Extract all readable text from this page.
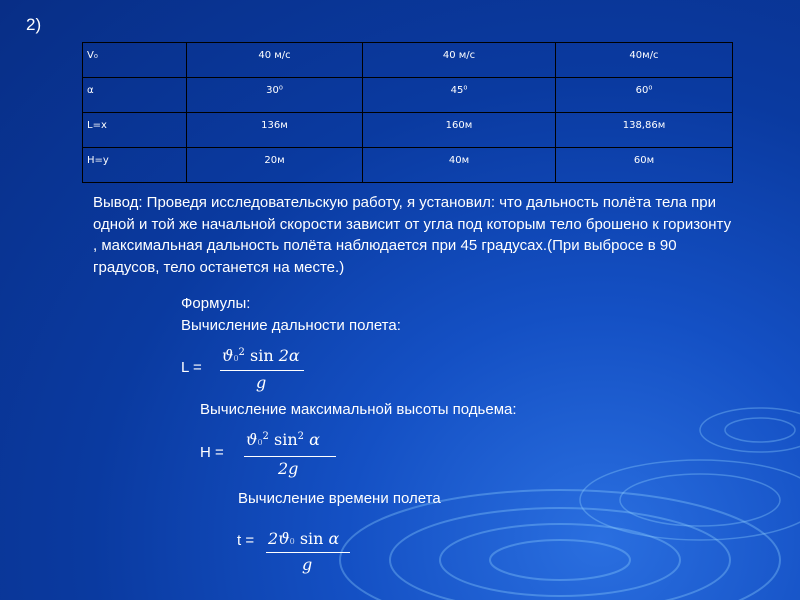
2)
V₀	40 м/с	40 м/с	40м/с
α	30⁰	45⁰	60⁰
L=x	136м	160м	138,86м
H=y	20м	40м	60м
Вывод: Проведя исследовательскую работу, я установил: что дальность полёта тела при одной и той же начальной скорости зависит от угла под которым тело брошено к горизонту , максимальная дальность полёта наблюдается при 45 градусах.(При выбросе в 90 градусов, тело останется на месте.)
Формулы:
Вычисление дальности полета:
L =
$ϑ0^2$ sin 2α
g
Вычисление максимальной высоты подьема:
H =
$ϑ0^2$ $\sin^2 \alpha$
2g
Вычисление времени полета
t = 2ϑ0 sin α
g
